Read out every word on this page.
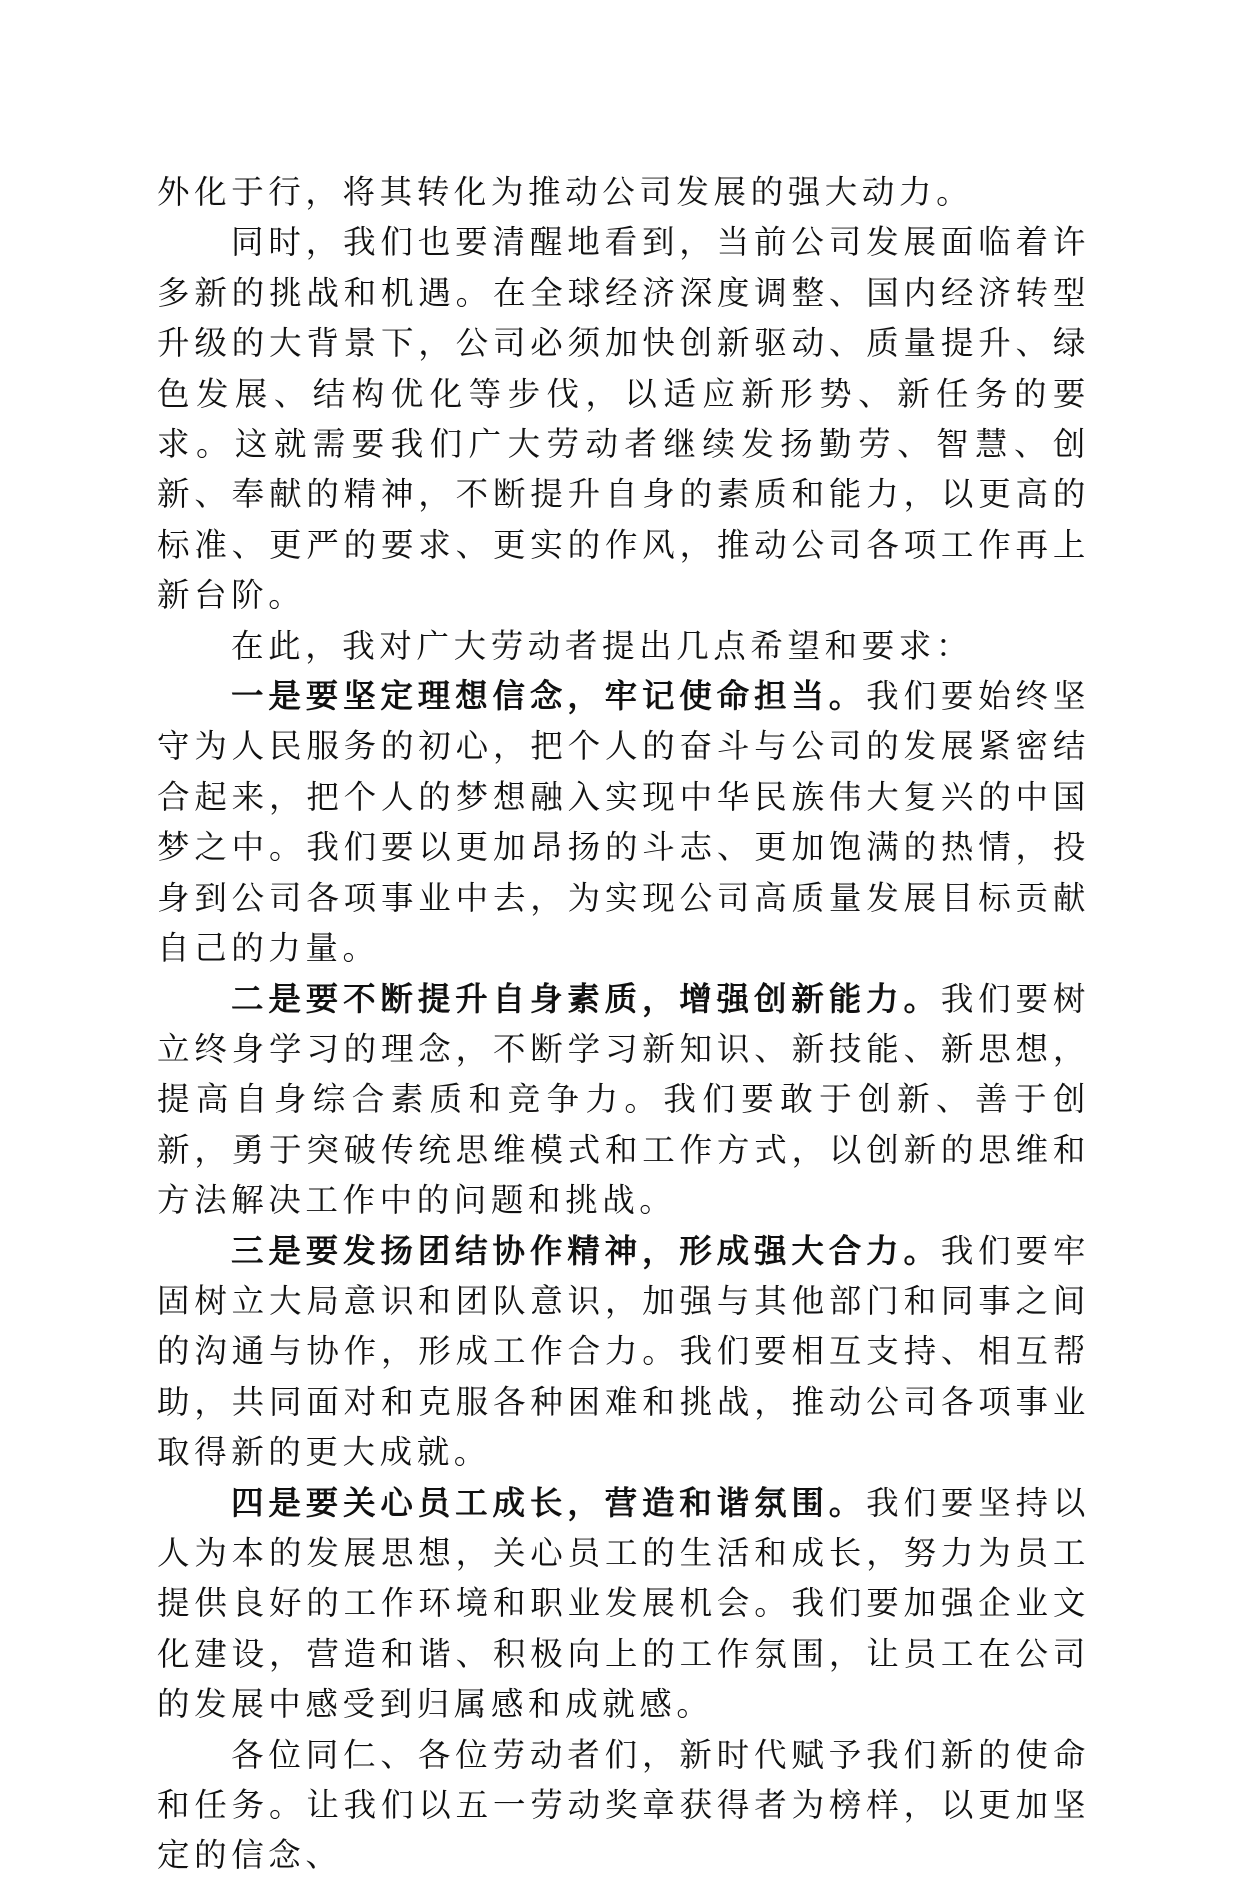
外化于行，将其转化为推动公司发展的强大动力。

同时，我们也要清醒地看到，当前公司发展面临着许多新的挑战和机遇。在全球经济深度调整、国内经济转型升级的大背景下，公司必须加快创新驱动、质量提升、绿色发展、结构优化等步伐，以适应新形势、新任务的要求。这就需要我们广大劳动者继续发扬勤劳、智慧、创新、奉献的精神，不断提升自身的素质和能力，以更高的标准、更严的要求、更实的作风，推动公司各项工作再上新台阶。

在此，我对广大劳动者提出几点希望和要求：

一是要坚定理想信念，牢记使命担当。我们要始终坚守为人民服务的初心，把个人的奋斗与公司的发展紧密结合起来，把个人的梦想融入实现中华民族伟大复兴的中国梦之中。我们要以更加昂扬的斗志、更加饱满的热情，投身到公司各项事业中去，为实现公司高质量发展目标贡献自己的力量。

二是要不断提升自身素质，增强创新能力。我们要树立终身学习的理念，不断学习新知识、新技能、新思想，提高自身综合素质和竞争力。我们要敢于创新、善于创新，勇于突破传统思维模式和工作方式，以创新的思维和方法解决工作中的问题和挑战。

三是要发扬团结协作精神，形成强大合力。我们要牢固树立大局意识和团队意识，加强与其他部门和同事之间的沟通与协作，形成工作合力。我们要相互支持、相互帮助，共同面对和克服各种困难和挑战，推动公司各项事业取得新的更大成就。

四是要关心员工成长，营造和谐氛围。我们要坚持以人为本的发展思想，关心员工的生活和成长，努力为员工提供良好的工作环境和职业发展机会。我们要加强企业文化建设，营造和谐、积极向上的工作氛围，让员工在公司的发展中感受到归属感和成就感。

各位同仁、各位劳动者们，新时代赋予我们新的使命和任务。让我们以五一劳动奖章获得者为榜样，以更加坚定的信念、
